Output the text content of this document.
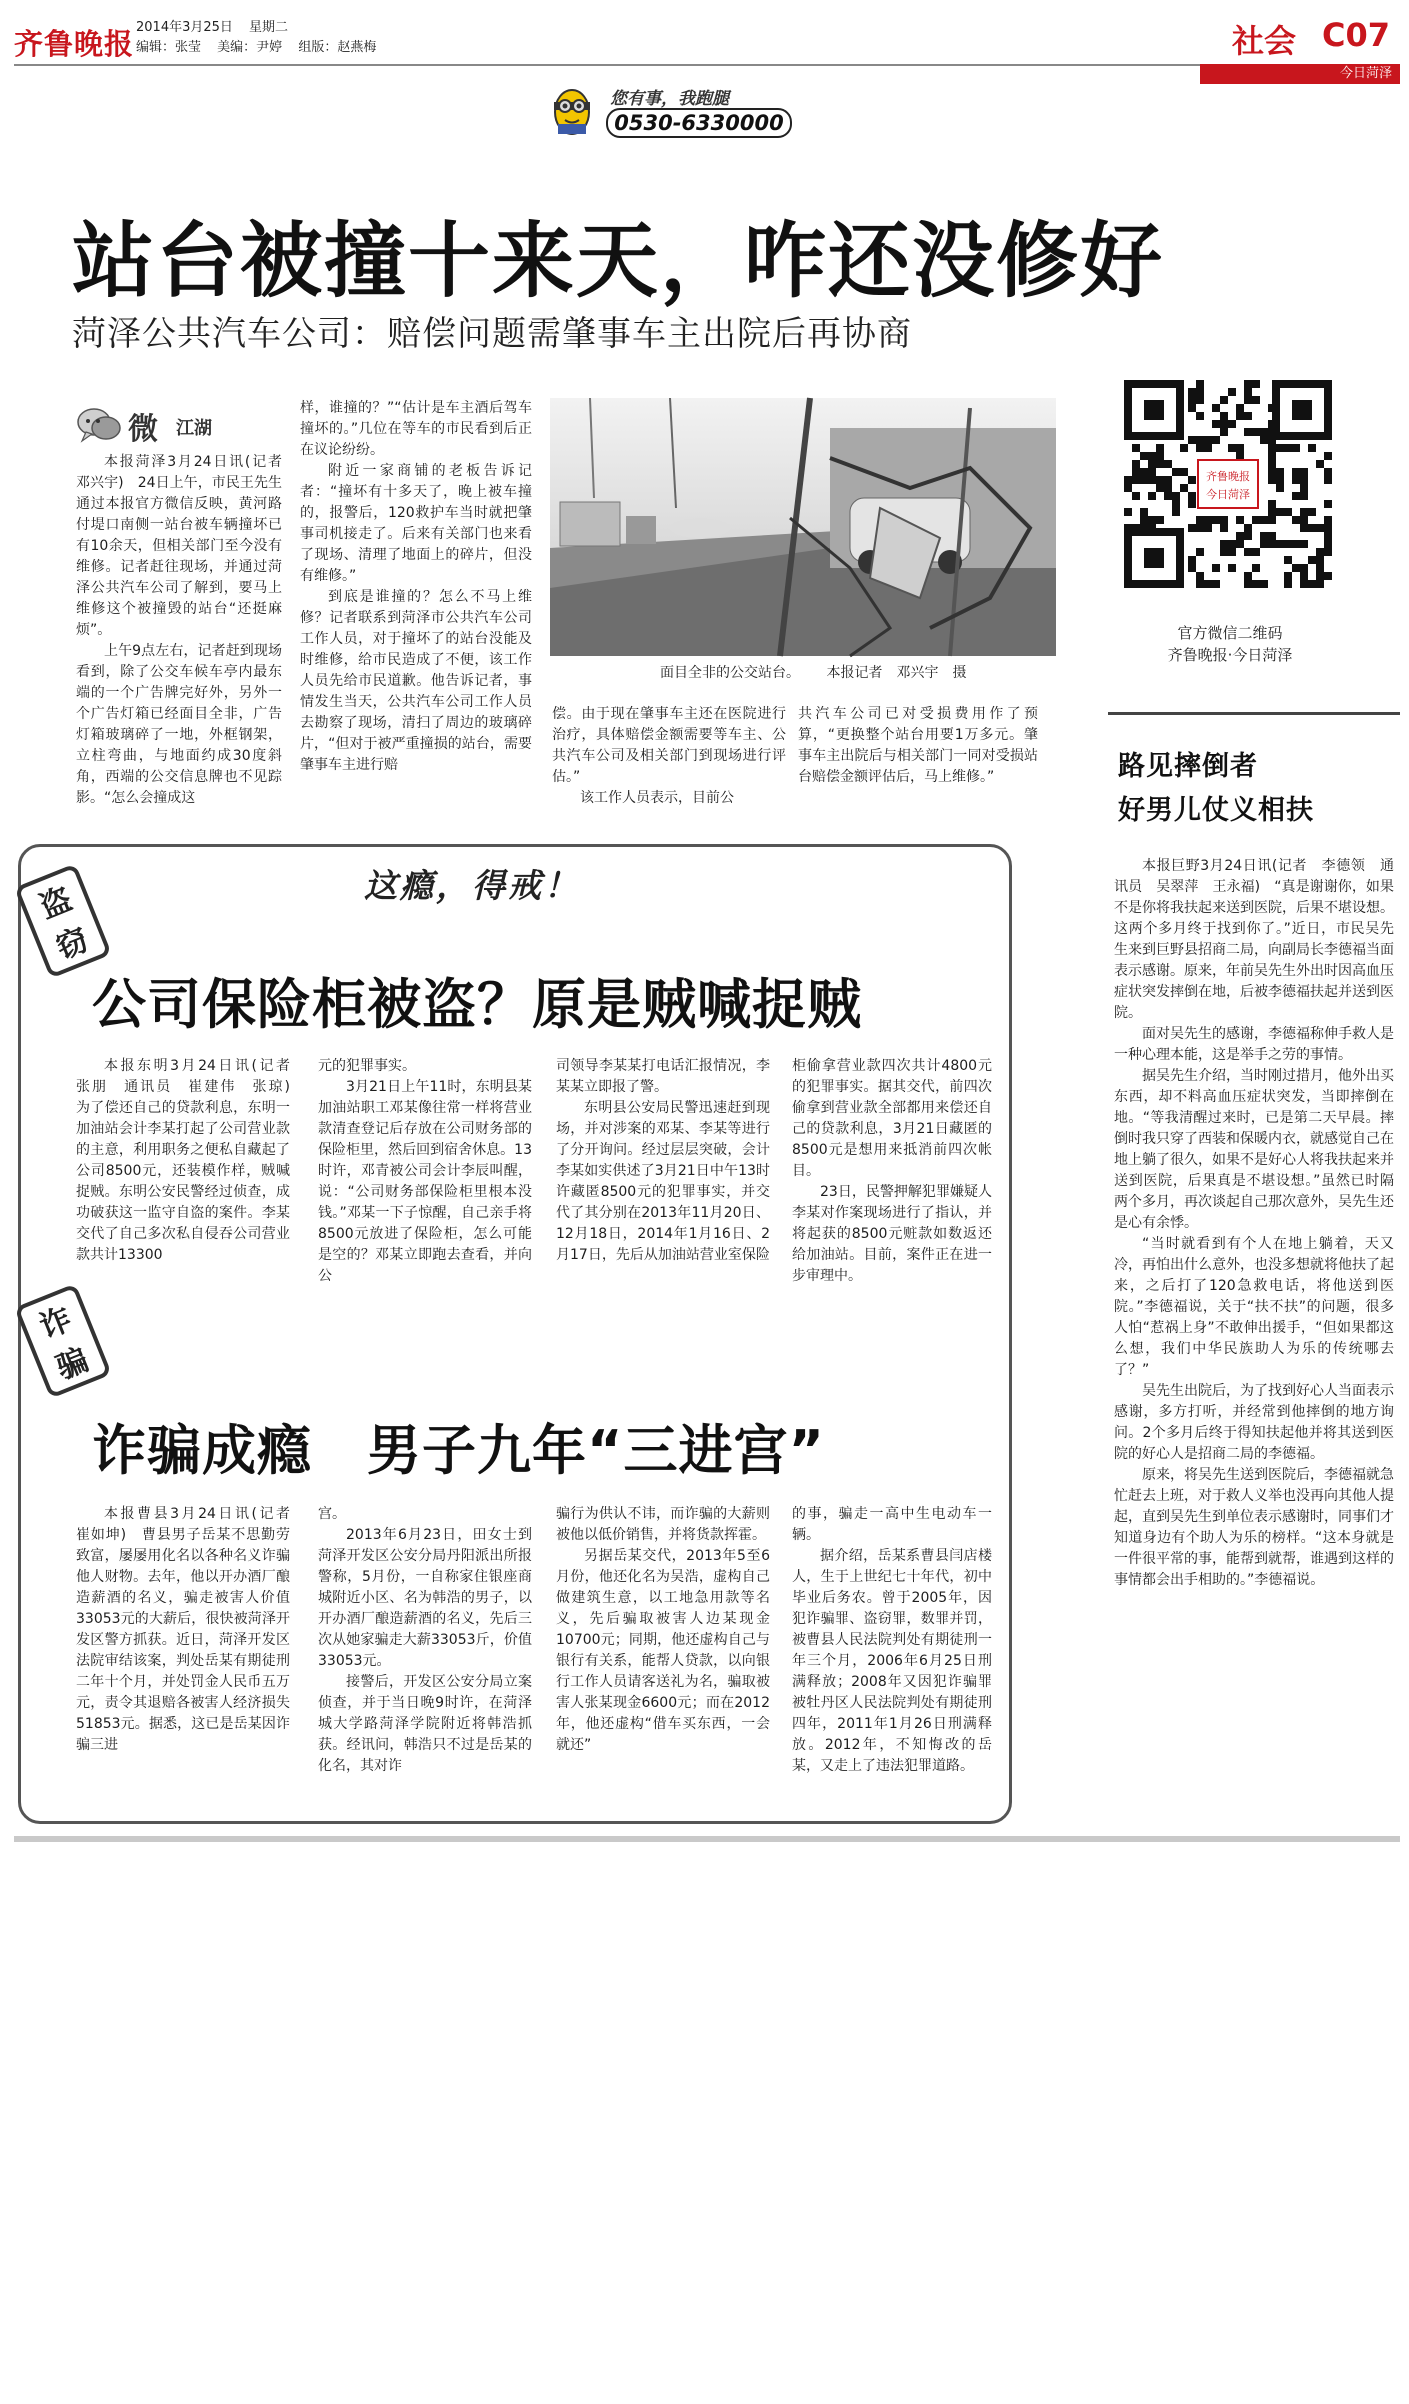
齐鲁晚报 2014年3月25日 星期二
编辑：张莹 美编：尹婷 组版：赵燕梅	社会 C07
今日菏泽
您有事，我跑腿
0530-6330000
站台被撞十来天，咋还没修好
菏泽公共汽车公司：赔偿问题需肇事车主出院后再协商
微 江湖

本报菏泽3月24日讯(记者　邓兴宇)　24日上午，市民王先生通过本报官方微信反映，黄河路付堤口南侧一站台被车辆撞坏已有10余天，但相关部门至今没有维修。记者赶往现场，并通过菏泽公共汽车公司了解到，要马上维修这个被撞毁的站台“还挺麻烦”。

上午9点左右，记者赶到现场看到，除了公交车候车亭内最东端的一个广告牌完好外，另外一个广告灯箱已经面目全非，广告灯箱玻璃碎了一地，外框钢架，立柱弯曲，与地面约成30度斜角，西端的公交信息牌也不见踪影。“怎么会撞成这

样，谁撞的？”“估计是车主酒后驾车撞坏的。”几位在等车的市民看到后正在议论纷纷。

附近一家商铺的老板告诉记者：“撞坏有十多天了，晚上被车撞的，报警后，120救护车当时就把肇事司机接走了。后来有关部门也来看了现场、清理了地面上的碎片，但没有维修。”

到底是谁撞的？怎么不马上维修？记者联系到菏泽市公共汽车公司工作人员，对于撞坏了的站台没能及时维修，给市民造成了不便，该工作人员先给市民道歉。他告诉记者，事情发生当天，公共汽车公司工作人员去勘察了现场，清扫了周边的玻璃碎片，“但对于被严重撞损的站台，需要肇事车主进行赔

面目全非的公交站台。 本报记者　邓兴宇　摄

偿。由于现在肇事车主还在医院进行治疗，具体赔偿金额需要等车主、公共汽车公司及相关部门到现场进行评估。”

该工作人员表示，目前公

共汽车公司已对受损费用作了预算，“更换整个站台用要1万多元。肇事车主出院后与相关部门一同对受损站台赔偿金额评估后，马上维修。”

齐鲁晚报
今日菏泽
官方微信二维码
齐鲁晚报·今日菏泽
路见摔倒者
好男儿仗义相扶

本报巨野3月24日讯(记者　李德领　通讯员　吴翠萍　王永福)　“真是谢谢你，如果不是你将我扶起来送到医院，后果不堪设想。这两个多月终于找到你了。”近日，市民吴先生来到巨野县招商二局，向副局长李德福当面表示感谢。原来，年前吴先生外出时因高血压症状突发摔倒在地，后被李德福扶起并送到医院。

面对吴先生的感谢，李德福称伸手救人是一种心理本能，这是举手之劳的事情。

据吴先生介绍，当时刚过措月，他外出买东西，却不料高血压症状突发，当即摔倒在地。“等我清醒过来时，已是第二天早晨。摔倒时我只穿了西装和保暖内衣，就感觉自己在地上躺了很久，如果不是好心人将我扶起来并送到医院，后果真是不堪设想。”虽然已时隔两个多月，再次谈起自己那次意外，吴先生还是心有余悸。

“当时就看到有个人在地上躺着，天又冷，再怕出什么意外，也没多想就将他扶了起来，之后打了120急救电话，将他送到医院。”李德福说，关于“扶不扶”的问题，很多人怕“惹祸上身”不敢伸出援手，“但如果都这么想，我们中华民族助人为乐的传统哪去了？”

吴先生出院后，为了找到好心人当面表示感谢，多方打听，并经常到他摔倒的地方询问。2个多月后终于得知扶起他并将其送到医院的好心人是招商二局的李德福。

原来，将吴先生送到医院后，李德福就急忙赶去上班，对于救人义举也没再向其他人提起，直到吴先生到单位表示感谢时，同事们才知道身边有个助人为乐的榜样。“这本身就是一件很平常的事，能帮到就帮，谁遇到这样的事情都会出手相助的。”李德福说。

这瘾，得戒！
盗
窃
公司保险柜被盗？原是贼喊捉贼

本报东明3月24日讯(记者　张朋　通讯员　崔建伟　张琼)　为了偿还自己的贷款利息，东明一加油站会计李某打起了公司营业款的主意，利用职务之便私自藏起了公司8500元，还装模作样，贼喊捉贼。东明公安民警经过侦查，成功破获这一监守自盗的案件。李某交代了自己多次私自侵吞公司营业款共计13300

元的犯罪事实。

3月21日上午11时，东明县某加油站职工邓某像往常一样将营业款清查登记后存放在公司财务部的保险柜里，然后回到宿舍休息。13时许，邓青被公司会计李辰叫醒，说：“公司财务部保险柜里根本没钱。”邓某一下子惊醒，自己亲手将8500元放进了保险柜，怎么可能是空的？邓某立即跑去查看，并向公

司领导李某某打电话汇报情况，李某某立即报了警。

东明县公安局民警迅速赶到现场，并对涉案的邓某、李某等进行了分开询问。经过层层突破，会计李某如实供述了3月21日中午13时许藏匿8500元的犯罪事实，并交代了其分别在2013年11月20日、12月18日，2014年1月16日、2月17日，先后从加油站营业室保险

柜偷拿营业款四次共计4800元的犯罪事实。据其交代，前四次偷拿到营业款全部都用来偿还自己的贷款利息，3月21日藏匿的8500元是想用来抵消前四次帐目。

23日，民警押解犯罪嫌疑人李某对作案现场进行了指认，并将起获的8500元赃款如数返还给加油站。目前，案件正在进一步审理中。

诈
骗
诈骗成瘾　男子九年“三进宫”

本报曹县3月24日讯(记者　崔如坤)　曹县男子岳某不思勤劳致富，屡屡用化名以各种名义诈骗他人财物。去年，他以开办酒厂酿造薪酒的名义，骗走被害人价值33053元的大薪后，很快被菏泽开发区警方抓获。近日，菏泽开发区法院审结该案，判处岳某有期徒刑二年十个月，并处罚金人民币五万元，责令其退赔各被害人经济损失51853元。据悉，这已是岳某因诈骗三进

宫。

2013年6月23日，田女士到菏泽开发区公安分局丹阳派出所报警称，5月份，一自称家住银座商城附近小区、名为韩浩的男子，以开办酒厂酿造薪酒的名义，先后三次从她家骗走大薪33053斤，价值33053元。

接警后，开发区公安分局立案侦查，并于当日晚9时许，在菏泽城大学路菏泽学院附近将韩浩抓获。经讯问，韩浩只不过是岳某的化名，其对诈

骗行为供认不讳，而诈骗的大薪则被他以低价销售，并将货款挥霍。

另据岳某交代，2013年5至6月份，他还化名为吴浩，虚构自己做建筑生意，以工地急用款等名义，先后骗取被害人边某现金10700元；同期，他还虚构自己与银行有关系，能帮人贷款，以向银行工作人员请客送礼为名，骗取被害人张某现金6600元；而在2012年，他还虚构“借车买东西，一会就还”

的事，骗走一高中生电动车一辆。

据介绍，岳某系曹县闫店楼人，生于上世纪七十年代，初中毕业后务农。曾于2005年，因犯诈骗罪、盗窃罪，数罪并罚，被曹县人民法院判处有期徒刑一年三个月，2006年6月25日刑满释放；2008年又因犯诈骗罪被牡丹区人民法院判处有期徒刑四年，2011年1月26日刑满释放。2012年，不知悔改的岳某，又走上了违法犯罪道路。
